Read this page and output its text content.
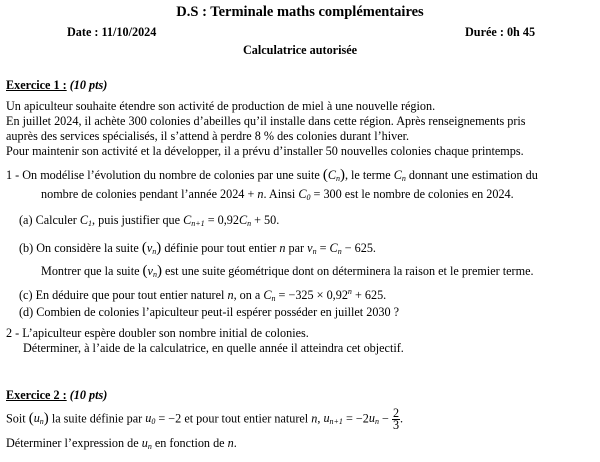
D.S : Terminale maths complémentaires
Date : 11/10/2024	Durée : 0h 45
Calculatrice autorisée
Exercice 1 : (10 pts)
Un apiculteur souhaite étendre son activité de production de miel à une nouvelle région.
En juillet 2024, il achète 300 colonies d’abeilles qu’il installe dans cette région. Après renseignements pris
auprès des services spécialisés, il s’attend à perdre 8 % des colonies durant l’hiver.
Pour maintenir son activité et la développer, il a prévu d’installer 50 nouvelles colonies chaque printemps.
1 - On modélise l’évolution du nombre de colonies par une suite $(C_n)$, le terme $C_n$ donnant une estimation du
nombre de colonies pendant l’année 2024 + n. Ainsi $C_0 = 300$ est le nombre de colonies en 2024.
(a) Calculer $C_1$, puis justifier que $C_{n+1} = 0,92C_n + 50$.
(b) On considère la suite $(v_n)$ définie pour tout entier n par $v_n = C_n - 625$.
Montrer que la suite $(v_n)$ est une suite géométrique dont on déterminera la raison et le premier terme.
(c) En déduire que pour tout entier naturel n, on a $C_n = -325 \times 0,92^n + 625$.
(d) Combien de colonies l’apiculteur peut-il espérer posséder en juillet 2030 ?
2 - L’apiculteur espère doubler son nombre initial de colonies.
Déterminer, à l’aide de la calculatrice, en quelle année il atteindra cet objectif.
Exercice 2 : (10 pts)
Soit $(u_n)$ la suite définie par $u_0 = -2$ et pour tout entier naturel n, $u_{n+1} = -2u_n - \frac{2}{3}$ .
Déterminer l’expression de $u_n$ en fonction de n.
